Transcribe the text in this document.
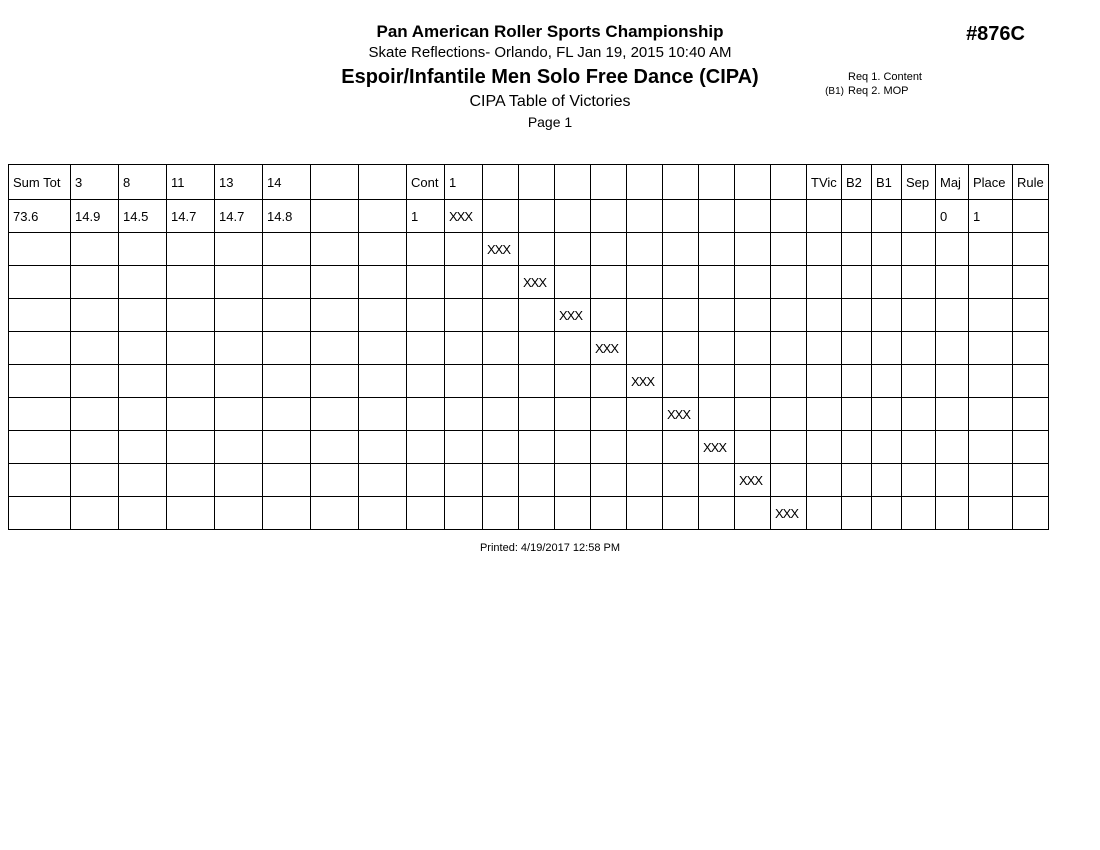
Pan American Roller Sports Championship
Skate Reflections- Orlando, FL Jan 19, 2015 10:40 AM
Espoir/Infantile Men Solo Free Dance (CIPA)
CIPA Table of Victories
Page 1
#876C
Req 1. Content
(B1) Req 2. MOP
Sum Tot	3	8	11	13	14			Cont	1										TVic	B2	B1	Sep	Maj	Place	Rule
73.6	14.9	14.5	14.7	14.7	14.8			1	XXX														0	1	
										XXX															
											XXX														
												XXX													
													XXX												
														XXX											
															XXX										
																XXX									
																	XXX								
																		XXX							
Printed: 4/19/2017 12:58 PM
